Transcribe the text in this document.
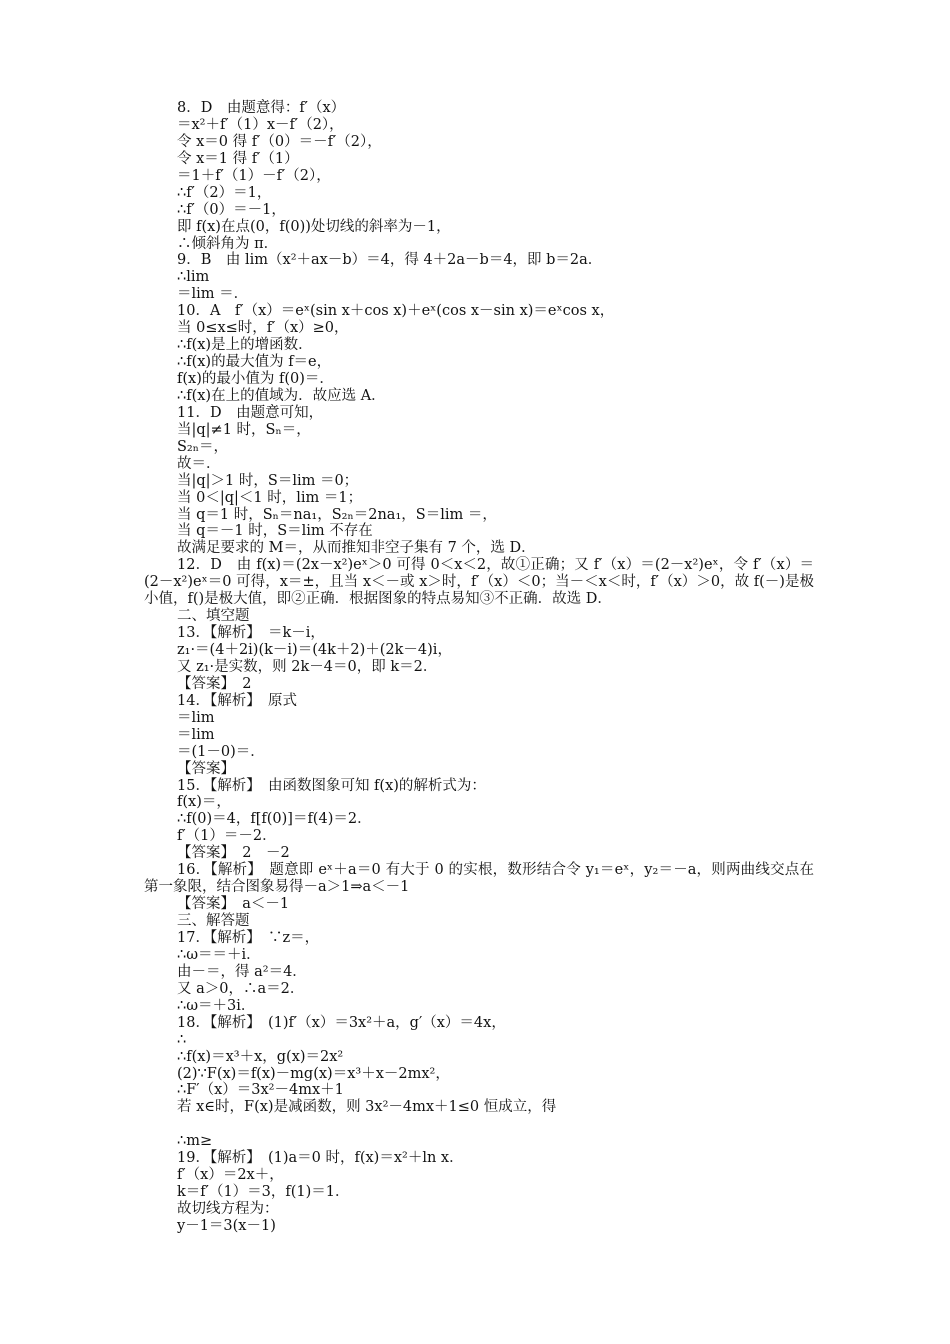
8．D　由题意得：f′（x）
＝x²＋f′（1）x－f′（2），
令 x＝0 得 f′（0）＝－f′（2），
令 x＝1 得 f′（1）
＝1＋f′（1）－f′（2），
∴f′（2）＝1，
∴f′（0）＝－1，
即 f(x)在点(0，f(0))处切线的斜率为－1，
∴倾斜角为 π．
9．B　由 lim（x²＋ax－b）＝4，得 4＋2a－b＝4，即 b＝2a．
∴lim
＝lim ＝．
10．A　f′（x）＝eˣ(sin x＋cos x)＋eˣ(cos x－sin x)＝eˣcos x，
当 0≤x≤时，f′（x）≥0，
∴f(x)是上的增函数．
∴f(x)的最大值为 f＝e，
f(x)的最小值为 f(0)＝．
∴f(x)在上的值域为．故应选 A．
11．D　由题意可知，
当|q|≠1 时，Sₙ＝，
S₂ₙ＝，
故＝．
当|q|＞1 时，S＝lim ＝0；
当 0＜|q|＜1 时，lim ＝1；
当 q＝1 时，Sₙ＝na₁，S₂ₙ＝2na₁，S＝lim ＝，
当 q＝－1 时，S＝lim 不存在
故满足要求的 M＝，从而推知非空子集有 7 个，选 D．
12．D　由 f(x)＝(2x－x²)eˣ＞0 可得 0＜x＜2，故①正确；又 f′（x）＝(2－x²)eˣ，令 f′（x）＝(2－x²)eˣ＝0 可得，x＝±，且当 x＜－或 x＞时，f′（x）＜0；当－＜x＜时，f′（x）＞0，故 f(－)是极小值，f()是极大值，即②正确．根据图象的特点易知③不正确．故选 D．
二、填空题
13．【解析】　＝k－i，
z₁·＝(4＋2i)(k－i)＝(4k＋2)＋(2k－4)i，
又 z₁·是实数，则 2k－4＝0，即 k＝2．
【答案】　2
14．【解析】　原式
＝lim
＝lim
＝(1－0)＝．
【答案】
15．【解析】　由函数图象可知 f(x)的解析式为：
f(x)＝，
∴f(0)＝4，f[f(0)]＝f(4)＝2．
f′（1）＝－2．
【答案】　2　－2
16．【解析】　题意即 eˣ＋a＝0 有大于 0 的实根，数形结合令 y₁＝eˣ，y₂＝－a，则两曲线交点在第一象限，结合图象易得－a＞1⇒a＜－1
【答案】　a＜－1
三、解答题
17．【解析】　∵z＝，
∴ω＝＝＋i．
由－＝，得 a²＝4．
又 a＞0，∴a＝2．
∴ω＝＋3i．
18．【解析】　(1)f′（x）＝3x²＋a，g′（x）＝4x，
∴
∴f(x)＝x³＋x，g(x)＝2x²
(2)∵F(x)＝f(x)－mg(x)＝x³＋x－2mx²，
∴F′（x）＝3x²－4mx＋1
若 x∈时，F(x)是减函数，则 3x²－4mx＋1≤0 恒成立，得
∴m≥
19．【解析】　(1)a＝0 时，f(x)＝x²＋ln x．
f′（x）＝2x＋，
k＝f′（1）＝3，f(1)＝1．
故切线方程为：
y－1＝3(x－1)
